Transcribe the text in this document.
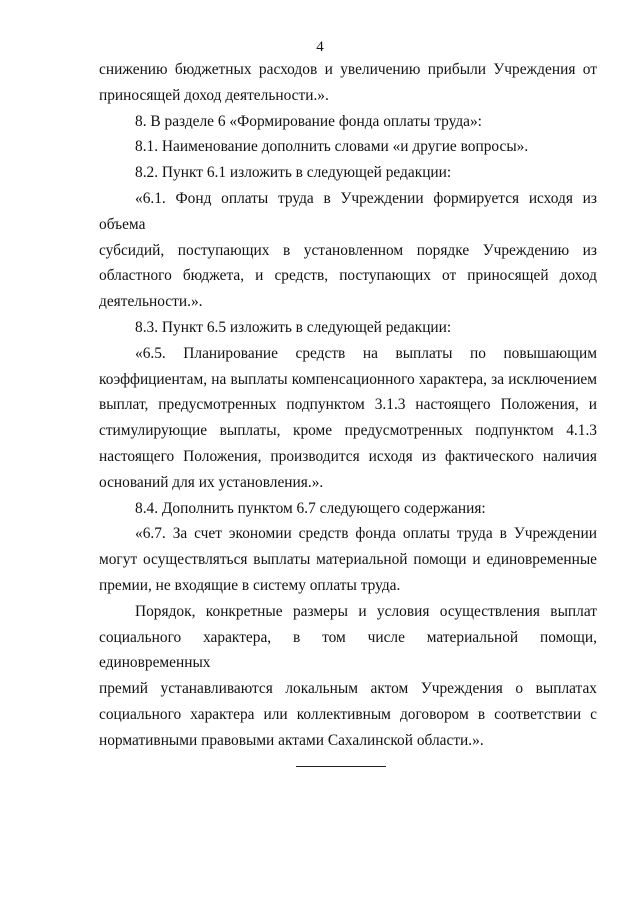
4

снижению бюджетных расходов и увеличению прибыли Учреждения от
приносящей доход деятельности.».

8. В разделе 6 «Формирование фонда оплаты труда»:

8.1. Наименование дополнить словами «и другие вопросы».

8.2. Пункт 6.1 изложить в следующей редакции:

«6.1. Фонд оплаты труда в Учреждении формируется исходя из объема
субсидий, поступающих в установленном порядке Учреждению из
областного бюджета, и средств, поступающих от приносящей доход
деятельности.».

8.3. Пункт 6.5 изложить в следующей редакции:

«6.5. Планирование средств на выплаты по повышающим
коэффициентам, на выплаты компенсационного характера, за исключением
выплат, предусмотренных подпунктом 3.1.3 настоящего Положения, и
стимулирующие выплаты, кроме предусмотренных подпунктом 4.1.3
настоящего Положения, производится исходя из фактического наличия
оснований для их установления.».

8.4. Дополнить пунктом 6.7 следующего содержания:

«6.7. За счет экономии средств фонда оплаты труда в Учреждении
могут осуществляться выплаты материальной помощи и единовременные
премии, не входящие в систему оплаты труда.

Порядок, конкретные размеры и условия осуществления выплат
социального характера, в том числе материальной помощи, единовременных
премий устанавливаются локальным актом Учреждения о выплатах
социального характера или коллективным договором в соответствии с
нормативными правовыми актами Сахалинской области.».
